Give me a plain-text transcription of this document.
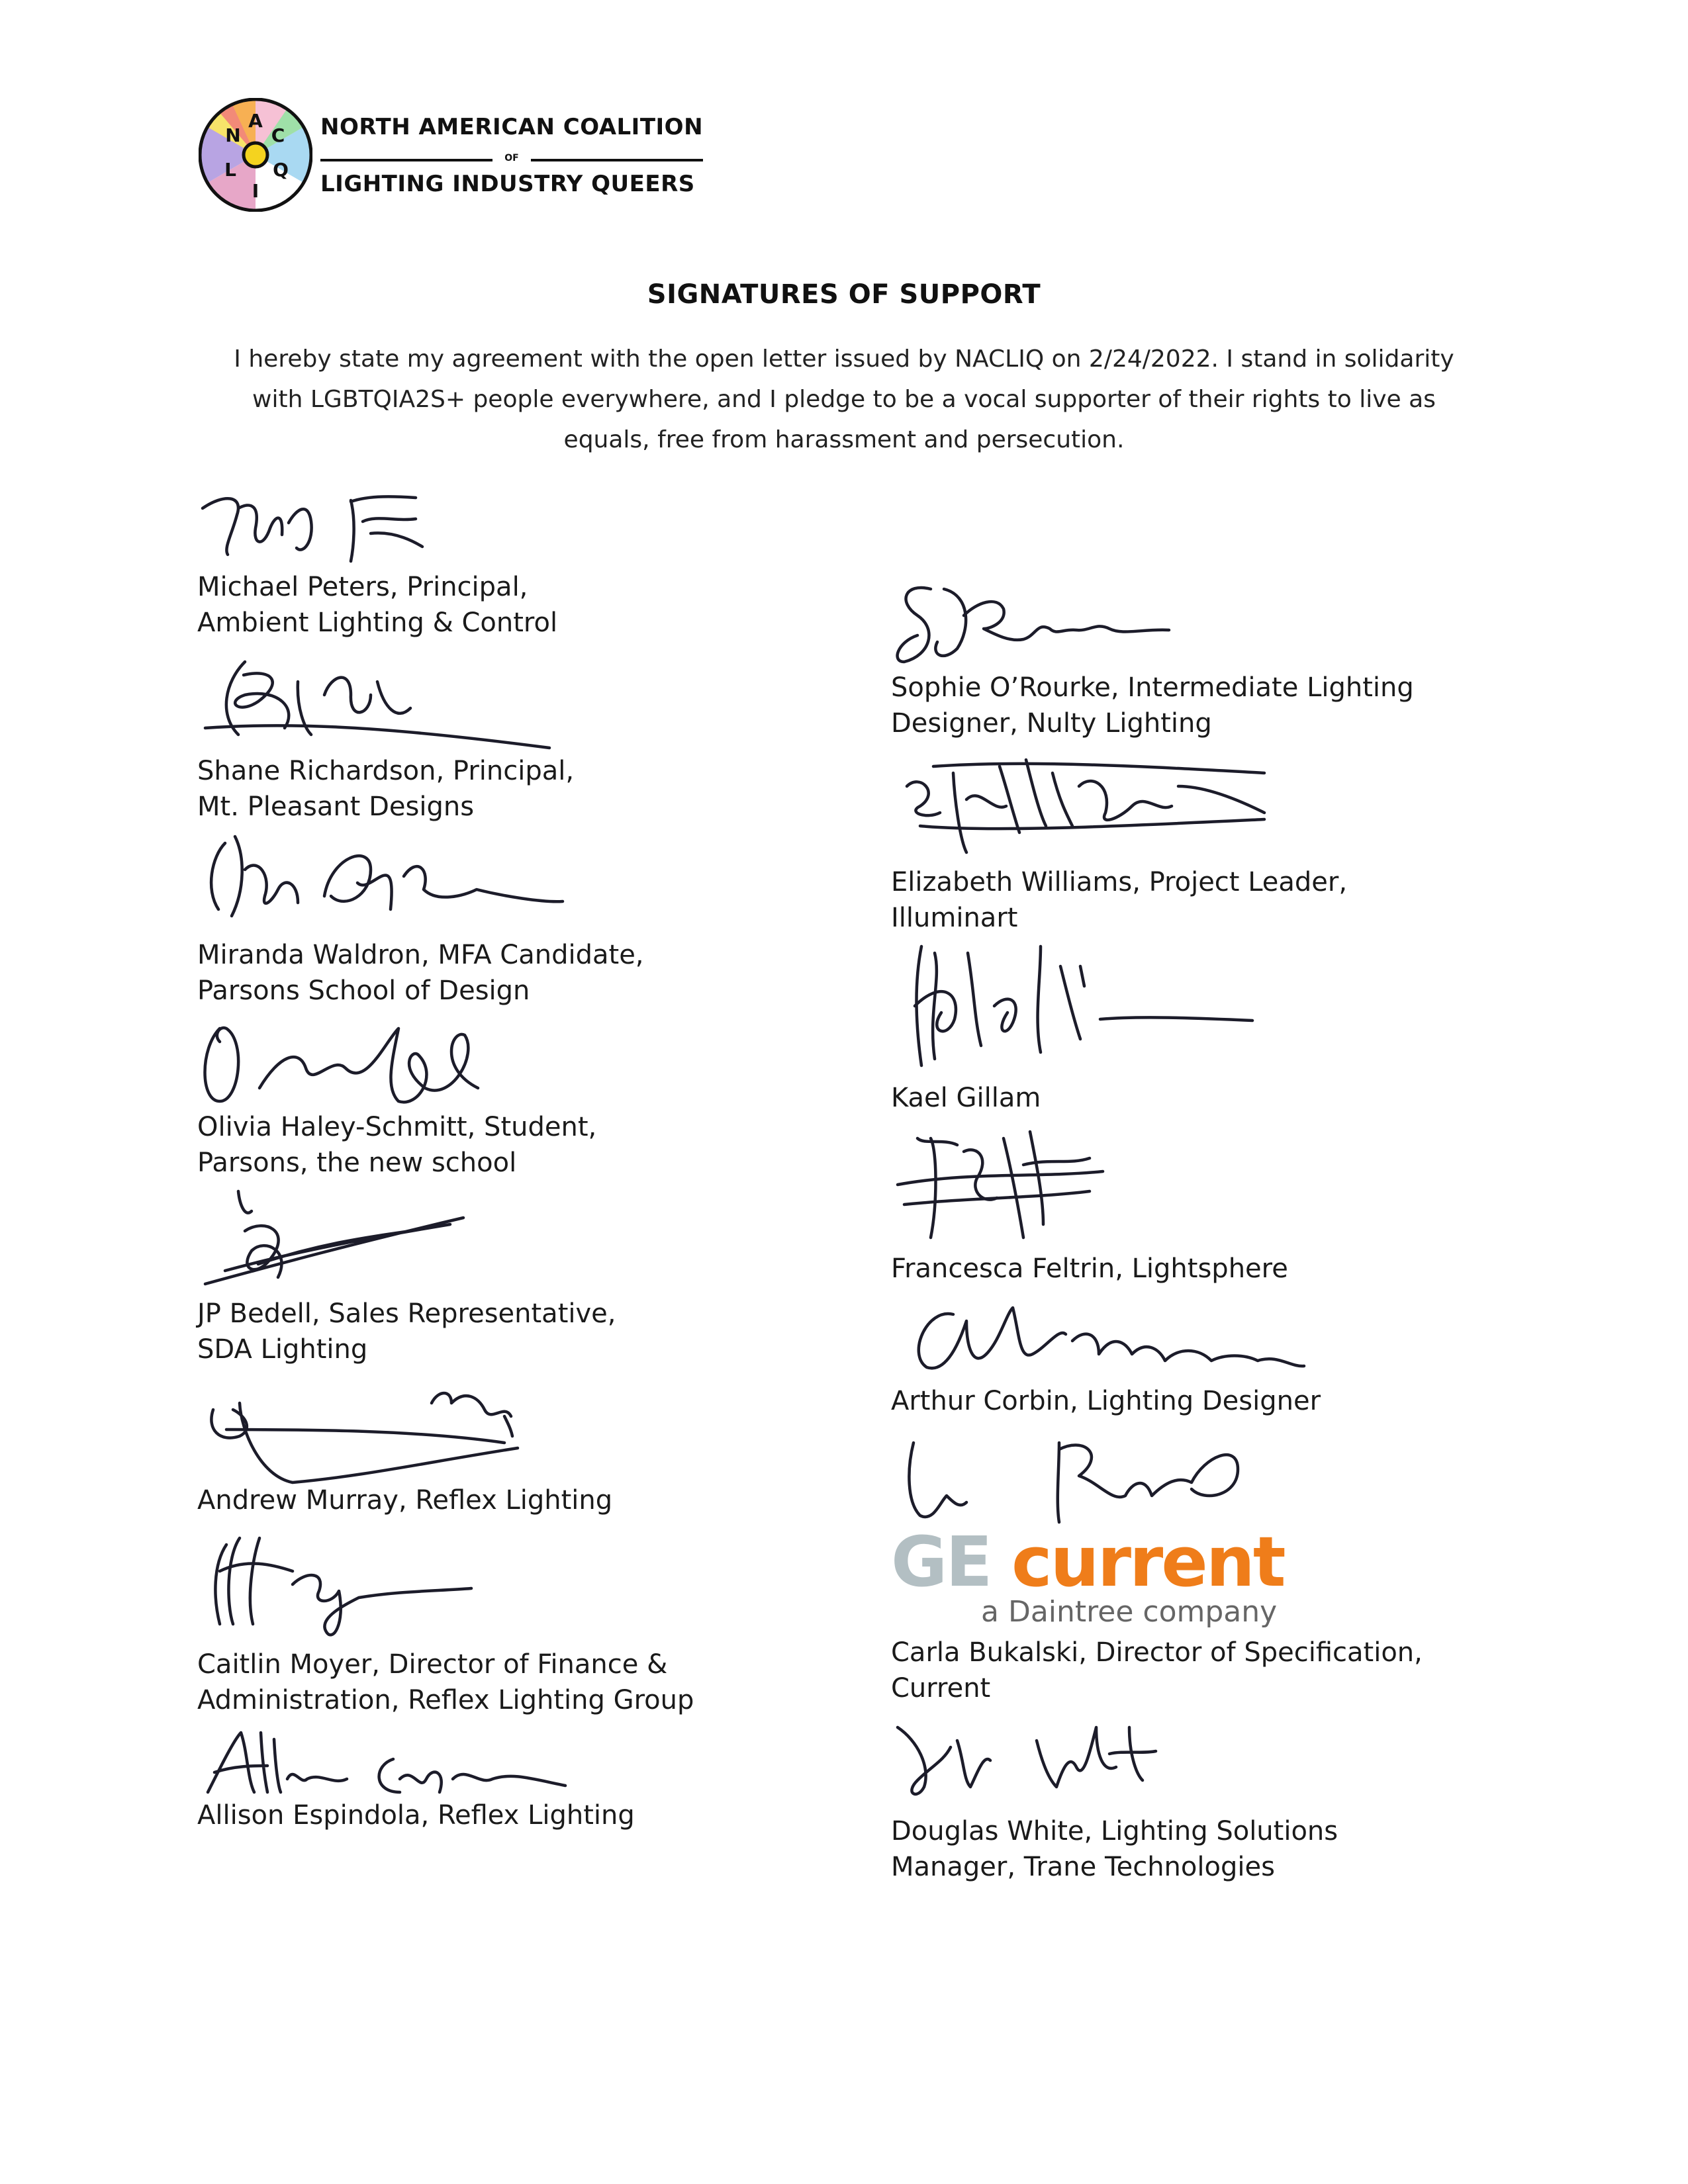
N
A
C
L
I
Q
NORTH AMERICAN COALITION
OF
LIGHTING INDUSTRY QUEERS
SIGNATURES OF SUPPORT
I hereby state my agreement with the open letter issued by NACLIQ on 2/24/2022. I stand in solidarity
with LGBTQIA2S+ people everywhere, and I pledge to be a vocal supporter of their rights to live as
equals, free from harassment and persecution.
Michael Peters, Principal,
Ambient Lighting & Control
Shane Richardson, Principal,
Mt. Pleasant Designs
Miranda Waldron, MFA Candidate,
Parsons School of Design
Olivia Haley-Schmitt, Student,
Parsons, the new school
JP Bedell, Sales Representative,
SDA Lighting
Andrew Murray, Reflex Lighting
Caitlin Moyer, Director of Finance &
Administration, Reflex Lighting Group
Allison Espindola, Reflex Lighting
Sophie O’Rourke, Intermediate Lighting
Designer, Nulty Lighting
Elizabeth Williams, Project Leader,
Illuminart
Kael Gillam
Francesca Feltrin, Lightsphere
Arthur Corbin, Lighting Designer
GE current
a Daintree company
Carla Bukalski, Director of Specification,
Current
Douglas White, Lighting Solutions
Manager, Trane Technologies
